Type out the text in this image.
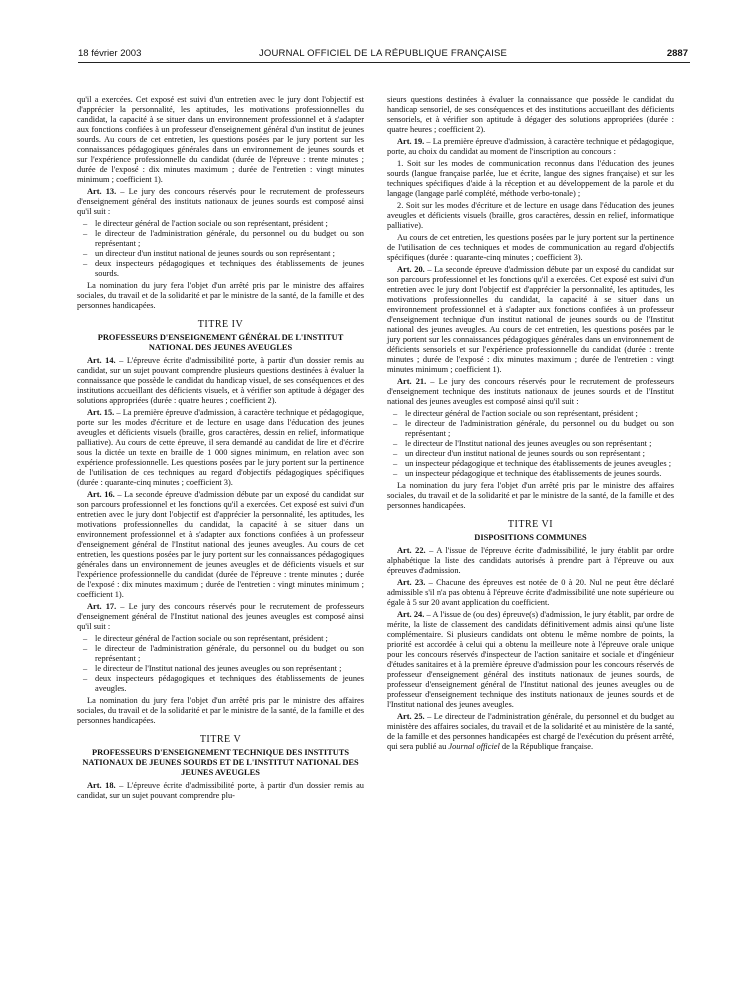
18 février 2003	JOURNAL OFFICIEL DE LA RÉPUBLIQUE FRANÇAISE	2887

qu'il a exercées. Cet exposé est suivi d'un entretien avec le jury dont l'objectif est d'apprécier la personnalité, les aptitudes, les motivations professionnelles du candidat, la capacité à se situer dans un environnement professionnel et à s'adapter aux fonctions confiées à un professeur d'enseignement général d'un institut de jeunes sourds. Au cours de cet entretien, les questions posées par le jury portent sur les connaissances pédagogiques générales dans un environnement de jeunes sourds et sur l'expérience professionnelle du candidat (durée de l'épreuve : trente minutes ; durée de l'exposé : dix minutes maximum ; durée de l'entretien : vingt minutes minimum ; coefficient 1).

Art. 13. – Le jury des concours réservés pour le recrutement de professeurs d'enseignement général des instituts nationaux de jeunes sourds est composé ainsi qu'il suit :

– le directeur général de l'action sociale ou son représentant, président ;
– le directeur de l'administration générale, du personnel ou du budget ou son représentant ;
– un directeur d'un institut national de jeunes sourds ou son représentant ;
– deux inspecteurs pédagogiques et techniques des établissements de jeunes sourds.

La nomination du jury fera l'objet d'un arrêté pris par le ministre des affaires sociales, du travail et de la solidarité et par le ministre de la santé, de la famille et des personnes handicapées.

TITRE IV
PROFESSEURS D'ENSEIGNEMENT GÉNÉRAL DE L'INSTITUT NATIONAL DES JEUNES AVEUGLES

Art. 14. – L'épreuve écrite d'admissibilité porte, à partir d'un dossier remis au candidat, sur un sujet pouvant comprendre plusieurs questions destinées à évaluer la connaissance que possède le candidat du handicap visuel, de ses conséquences et des institutions accueillant des déficients visuels, et à vérifier son aptitude à dégager des solutions appropriées (durée : quatre heures ; coefficient 2).

Art. 15. – La première épreuve d'admission, à caractère technique et pédagogique, porte sur les modes d'écriture et de lecture en usage dans l'éducation des jeunes aveugles et déficients visuels (braille, gros caractères, dessin en relief, informatique palliative). Au cours de cette épreuve, il sera demandé au candidat de lire et d'écrire sous la dictée un texte en braille de 1 000 signes minimum, en relation avec son expérience professionnelle. Les questions posées par le jury portent sur la pertinence de l'utilisation de ces techniques au regard d'objectifs pédagogiques spécifiques (durée : quarante-cinq minutes ; coefficient 3).

Art. 16. – La seconde épreuve d'admission débute par un exposé du candidat sur son parcours professionnel et les fonctions qu'il a exercées. Cet exposé est suivi d'un entretien avec le jury dont l'objectif est d'apprécier la personnalité, les aptitudes, les motivations professionnelles du candidat, la capacité à se situer dans un environnement professionnel et à s'adapter aux fonctions confiées à un professeur d'enseignement général de l'Institut national des jeunes aveugles. Au cours de cet entretien, les questions posées par le jury portent sur les connaissances pédagogiques générales dans un environnement de jeunes aveugles et de déficients visuels et sur l'expérience professionnelle du candidat (durée de l'épreuve : trente minutes ; durée de l'exposé : dix minutes maximum ; durée de l'entretien : vingt minutes minimum ; coefficient 1).

Art. 17. – Le jury des concours réservés pour le recrutement de professeurs d'enseignement général de l'Institut national des jeunes aveugles est composé ainsi qu'il suit :

– le directeur général de l'action sociale ou son représentant, président ;
– le directeur de l'administration générale, du personnel ou du budget ou son représentant ;
– le directeur de l'Institut national des jeunes aveugles ou son représentant ;
– deux inspecteurs pédagogiques et techniques des établissements de jeunes aveugles.

La nomination du jury fera l'objet d'un arrêté pris par le ministre des affaires sociales, du travail et de la solidarité et par le ministre de la santé, de la famille et des personnes handicapées.

TITRE V
PROFESSEURS D'ENSEIGNEMENT TECHNIQUE DES INSTITUTS NATIONAUX DE JEUNES SOURDS ET DE L'INSTITUT NATIONAL DES JEUNES AVEUGLES

Art. 18. – L'épreuve écrite d'admissibilité porte, à partir d'un dossier remis au candidat, sur un sujet pouvant comprendre plu-

sieurs questions destinées à évaluer la connaissance que possède le candidat du handicap sensoriel, de ses conséquences et des institutions accueillant des déficients sensoriels, et à vérifier son aptitude à dégager des solutions appropriées (durée : quatre heures ; coefficient 2).

Art. 19. – La première épreuve d'admission, à caractère technique et pédagogique, porte, au choix du candidat au moment de l'inscription au concours :

1. Soit sur les modes de communication reconnus dans l'éducation des jeunes sourds (langue française parlée, lue et écrite, langue des signes française) et sur les techniques spécifiques d'aide à la réception et au développement de la parole et du langage (langage parlé complété, méthode verbo-tonale) ;

2. Soit sur les modes d'écriture et de lecture en usage dans l'éducation des jeunes aveugles et déficients visuels (braille, gros caractères, dessin en relief, informatique palliative).

Au cours de cet entretien, les questions posées par le jury portent sur la pertinence de l'utilisation de ces techniques et modes de communication au regard d'objectifs spécifiques (durée : quarante-cinq minutes ; coefficient 3).

Art. 20. – La seconde épreuve d'admission débute par un exposé du candidat sur son parcours professionnel et les fonctions qu'il a exercées. Cet exposé est suivi d'un entretien avec le jury dont l'objectif est d'apprécier la personnalité, les aptitudes, les motivations professionnelles du candidat, la capacité à se situer dans un environnement professionnel et à s'adapter aux fonctions confiées à un professeur d'enseignement technique d'un institut national de jeunes sourds ou de l'Institut national des jeunes aveugles. Au cours de cet entretien, les questions posées par le jury portent sur les connaissances pédagogiques générales dans un environnement de déficients sensoriels et sur l'expérience professionnelle du candidat (durée : trente minutes ; durée de l'exposé : dix minutes maximum ; durée de l'entretien : vingt minutes minimum ; coefficient 1).

Art. 21. – Le jury des concours réservés pour le recrutement de professeurs d'enseignement technique des instituts nationaux de jeunes sourds et de l'Institut national des jeunes aveugles est composé ainsi qu'il suit :

– le directeur général de l'action sociale ou son représentant, président ;
– le directeur de l'administration générale, du personnel ou du budget ou son représentant ;
– le directeur de l'Institut national des jeunes aveugles ou son représentant ;
– un directeur d'un institut national de jeunes sourds ou son représentant ;
– un inspecteur pédagogique et technique des établissements de jeunes aveugles ;
– un inspecteur pédagogique et technique des établissements de jeunes sourds.

La nomination du jury fera l'objet d'un arrêté pris par le ministre des affaires sociales, du travail et de la solidarité et par le ministre de la santé, de la famille et des personnes handicapées.

TITRE VI
DISPOSITIONS COMMUNES

Art. 22. – A l'issue de l'épreuve écrite d'admissibilité, le jury établit par ordre alphabétique la liste des candidats autorisés à prendre part à l'épreuve ou aux épreuves d'admission.

Art. 23. – Chacune des épreuves est notée de 0 à 20. Nul ne peut être déclaré admissible s'il n'a pas obtenu à l'épreuve écrite d'admissibilité une note supérieure ou égale à 5 sur 20 avant application du coefficient.

Art. 24. – A l'issue de (ou des) épreuve(s) d'admission, le jury établit, par ordre de mérite, la liste de classement des candidats définitivement admis ainsi qu'une liste complémentaire. Si plusieurs candidats ont obtenu le même nombre de points, la priorité est accordée à celui qui a obtenu la meilleure note à l'épreuve orale unique pour les concours réservés d'inspecteur de l'action sanitaire et sociale et d'ingénieur d'études sanitaires et à la première épreuve d'admission pour les concours réservés de professeur d'enseignement général des instituts nationaux de jeunes sourds, de professeur d'enseignement général de l'Institut national des jeunes aveugles ou de professeur d'enseignement technique des instituts nationaux de jeunes sourds et de l'Institut national des jeunes aveugles.

Art. 25. – Le directeur de l'administration générale, du personnel et du budget au ministère des affaires sociales, du travail et de la solidarité et au ministère de la santé, de la famille et des personnes handicapées est chargé de l'exécution du présent arrêté, qui sera publié au Journal officiel de la République française.
